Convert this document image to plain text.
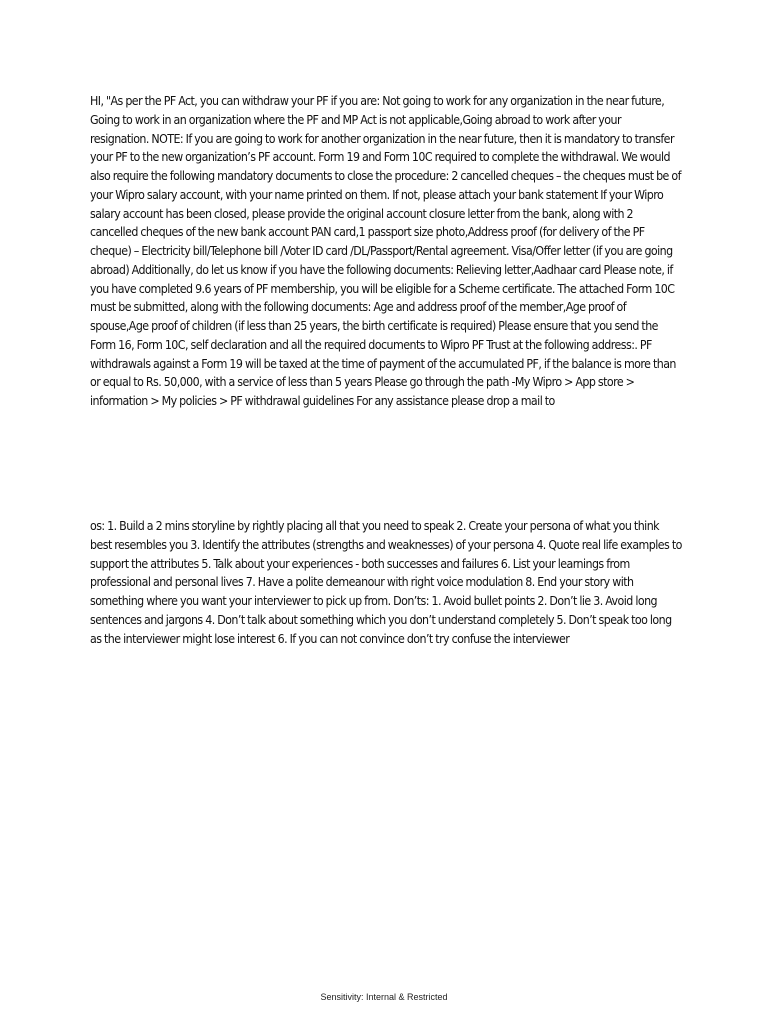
HI, "As per the PF Act, you can withdraw your PF if you are: Not going to work for any organization in the near future, Going to work in an organization where the PF and MP Act is not applicable,Going abroad to work after your resignation. NOTE: If you are going to work for another organization in the near future, then it is mandatory to transfer your PF to the new organization’s PF account. Form 19 and Form 10C required to complete the withdrawal. We would also require the following mandatory documents to close the procedure: 2 cancelled cheques – the cheques must be of your Wipro salary account, with your name printed on them. If not, please attach your bank statement If your Wipro salary account has been closed, please provide the original account closure letter from the bank, along with 2 cancelled cheques of the new bank account PAN card,1 passport size photo,Address proof (for delivery of the PF cheque) – Electricity bill/Telephone bill /Voter ID card /DL/Passport/Rental agreement. Visa/Offer letter (if you are going abroad) Additionally, do let us know if you have the following documents: Relieving letter,Aadhaar card Please note, if you have completed 9.6 years of PF membership, you will be eligible for a Scheme certificate. The attached Form 10C must be submitted, along with the following documents: Age and address proof of the member,Age proof of spouse,Age proof of children (if less than 25 years, the birth certificate is required) Please ensure that you send the Form 16, Form 10C, self declaration and all the required documents to Wipro PF Trust at the following address:. PF withdrawals against a Form 19 will be taxed at the time of payment of the accumulated PF, if the balance is more than or equal to Rs. 50,000, with a service of less than 5 years Please go through the path -My Wipro > App store > information > My policies > PF withdrawal guidelines For any assistance please drop a mail to

os: 1. Build a 2 mins storyline by rightly placing all that you need to speak 2. Create your persona of what you think best resembles you 3. Identify the attributes (strengths and weaknesses) of your persona 4. Quote real life examples to support the attributes 5. Talk about your experiences - both successes and failures 6. List your learnings from professional and personal lives 7. Have a polite demeanour with right voice modulation 8. End your story with something where you want your interviewer to pick up from. Don’ts: 1. Avoid bullet points 2. Don’t lie 3. Avoid long sentences and jargons 4. Don’t talk about something which you don’t understand completely 5. Don’t speak too long as the interviewer might lose interest 6. If you can not convince don’t try confuse the interviewer

Sensitivity: Internal & Restricted
